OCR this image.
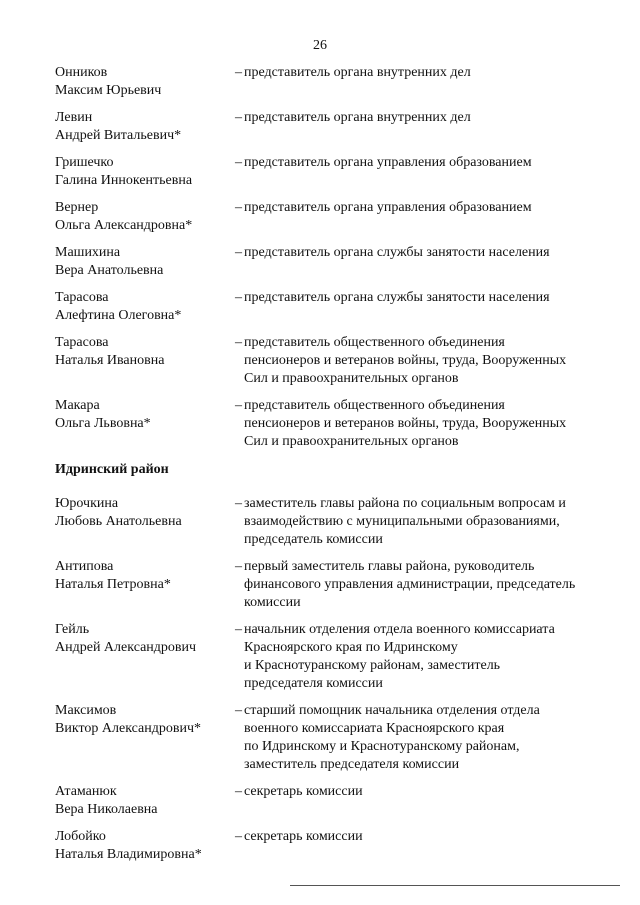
26
Онников
Максим Юрьевич
– представитель органа внутренних дел
Левин
Андрей Витальевич*
– представитель органа внутренних дел
Гришечко
Галина Иннокентьевна
– представитель органа управления образованием
Вернер
Ольга Александровна*
– представитель органа управления образованием
Машихина
Вера Анатольевна
– представитель органа службы занятости населения
Тарасова
Алефтина Олеговна*
– представитель органа службы занятости населения
Тарасова
Наталья Ивановна
– представитель общественного объединения
пенсионеров и ветеранов войны, труда, Вооруженных
Сил и правоохранительных органов
Макара
Ольга Львовна*
– представитель общественного объединения
пенсионеров и ветеранов войны, труда, Вооруженных
Сил и правоохранительных органов
Идринский район
Юрочкина
Любовь Анатольевна
– заместитель главы района по социальным вопросам и
взаимодействию с муниципальными образованиями,
председатель комиссии
Антипова
Наталья Петровна*
– первый заместитель главы района, руководитель
финансового управления администрации, председатель
комиссии
Гейль
Андрей Александрович
– начальник отделения отдела военного комиссариата
Красноярского края по Идринскому
и Краснотуранскому районам, заместитель
председателя комиссии
Максимов
Виктор Александрович*
– старший помощник начальника отделения отдела
военного комиссариата Красноярского края
по Идринскому и Краснотуранскому районам,
заместитель председателя комиссии
Атаманюк
Вера Николаевна
– секретарь комиссии
Лобойко
Наталья Владимировна*
– секретарь комиссии
